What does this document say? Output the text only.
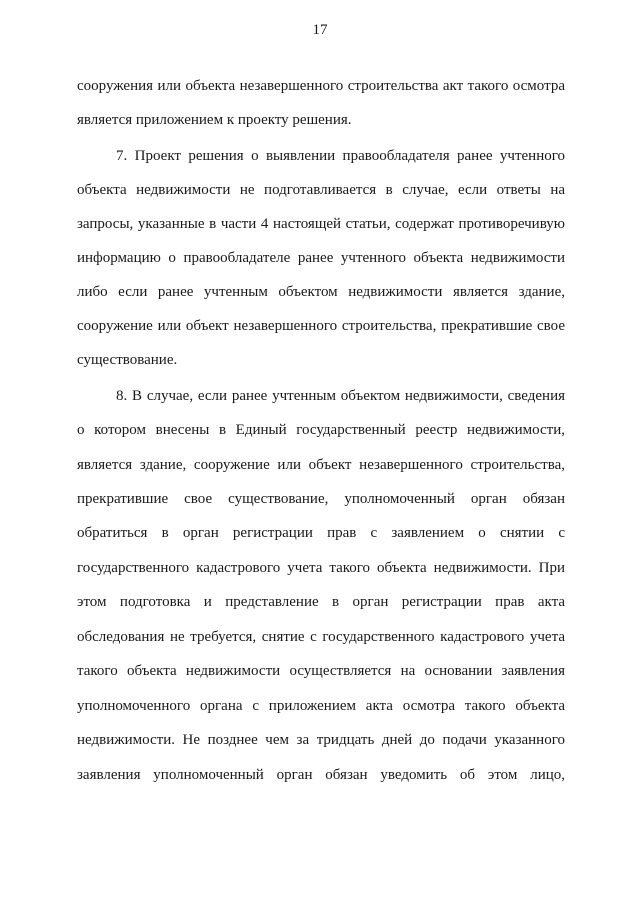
17
сооружения или объекта незавершенного строительства акт такого осмотра
является приложением к проекту решения.
7. Проект решения о выявлении правообладателя ранее учтенного
объекта недвижимости не подготавливается в случае, если ответы на
запросы, указанные в части 4 настоящей статьи, содержат противоречивую
информацию о правообладателе ранее учтенного объекта недвижимости
либо если ранее учтенным объектом недвижимости является здание,
сооружение или объект незавершенного строительства, прекратившие свое
существование.
8. В случае, если ранее учтенным объектом недвижимости, сведения
о котором внесены в Единый государственный реестр недвижимости,
является здание, сооружение или объект незавершенного строительства,
прекратившие свое существование, уполномоченный орган обязан
обратиться в орган регистрации прав с заявлением о снятии с
государственного кадастрового учета такого объекта недвижимости. При
этом подготовка и представление в орган регистрации прав акта
обследования не требуется, снятие с государственного кадастрового учета
такого объекта недвижимости осуществляется на основании заявления
уполномоченного органа с приложением акта осмотра такого объекта
недвижимости. Не позднее чем за тридцать дней до подачи указанного
заявления уполномоченный орган обязан уведомить об этом лицо,
